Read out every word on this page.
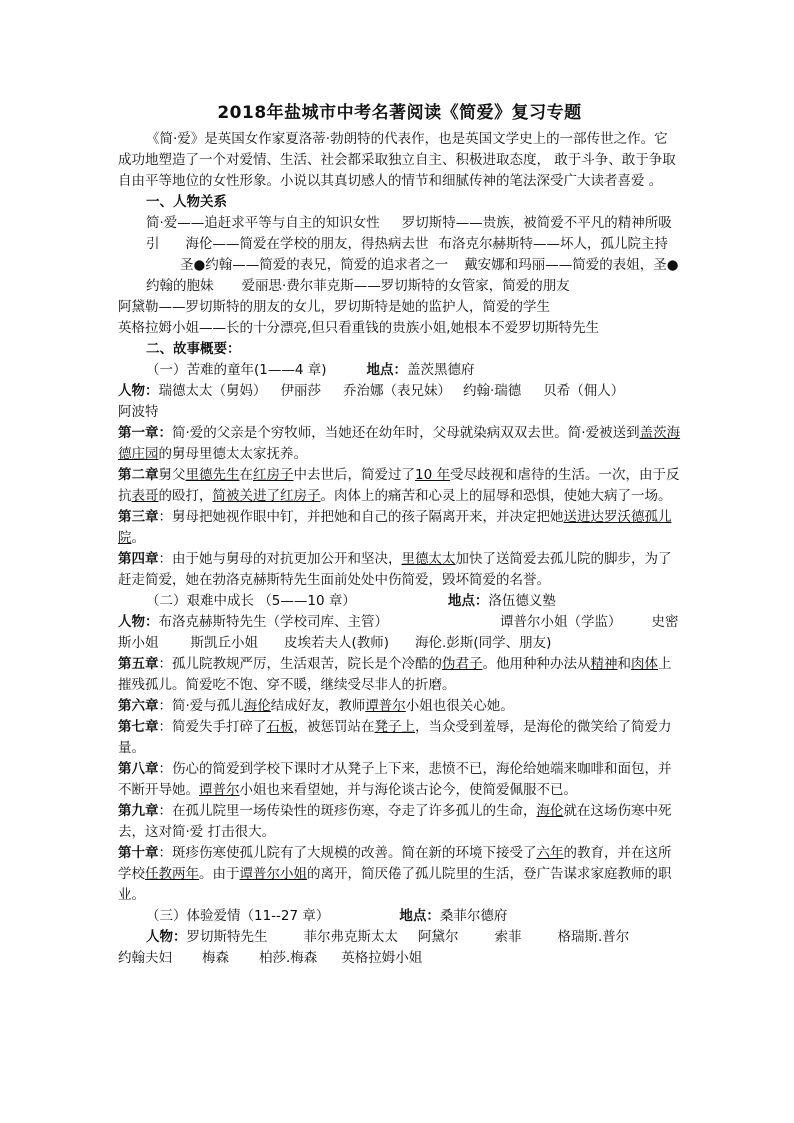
2018年盐城市中考名著阅读《简爱》复习专题

《简·爱》是英国女作家夏洛蒂·勃朗特的代表作，也是英国文学史上的一部传世之作。它成功地塑造了一个对爱情、生活、社会都采取独立自主、积极进取态度， 敢于斗争、敢于争取自由平等地位的女性形象。小说以其真切感人的情节和细腻传神的笔法深受广大读者喜爱 。

一、人物关系

简·爱——追赶求平等与自主的知识女性 罗切斯特——贵族，被简爱不平凡的精神所吸引 海伦——简爱在学校的朋友，得热病去世 布洛克尔赫斯特——坏人，孤儿院主持圣●约翰——简爱的表兄，简爱的追求者之一 戴安娜和玛丽——简爱的表姐，圣●约翰的胞妹 爱丽思·费尔菲克斯——罗切斯特的女管家，简爱的朋友

阿黛勒——罗切斯特的朋友的女儿，罗切斯特是她的监护人，简爱的学生

英格拉姆小姐——长的十分漂亮,但只看重钱的贵族小姐,她根本不爱罗切斯特先生

二、故事概要：

（一）苦难的童年(1——4 章)	地点：盖茨黑德府

人物：瑞德太太（舅妈） 伊丽莎 乔治娜（表兄妹） 约翰·瑞德 贝希（佣人）阿波特

第一章：简·爱的父亲是个穷牧师，当她还在幼年时，父母就染病双双去世。简·爱被送到盖茨海德庄园的舅母里德太太家抚养。

第二章舅父里德先生在红房子中去世后，简爱过了10 年受尽歧视和虐待的生活。一次，由于反抗表哥的殴打，简被关进了红房子。肉体上的痛苦和心灵上的屈辱和恐惧，使她大病了一场。

第三章：舅母把她视作眼中钉，并把她和自己的孩子隔离开来，并决定把她送进达罗沃德孤儿院。

第四章：由于她与舅母的对抗更加公开和坚决，里德太太加快了送简爱去孤儿院的脚步，为了赶走简爱，她在勃洛克赫斯特先生面前处处中伤简爱，毁坏简爱的名誉。

（二）艰难中成长 （5——10 章）	地点：洛伍德义塾

人物：布洛克赫斯特先生（学校司库、主管）	谭普尔小姐（学监） 史密斯小姐 斯凯丘小姐 皮埃若夫人(教师) 海伦.彭斯(同学、朋友)

第五章：孤儿院教规严厉，生活艰苦，院长是个冷酷的伪君子。他用种种办法从精神和肉体上摧残孤儿。简爱吃不饱、穿不暖，继续受尽非人的折磨。

第六章：简·爱与孤儿海伦结成好友，教师谭普尔小姐也很关心她。

第七章：简爱失手打碎了石板，被惩罚站在凳子上，当众受到羞辱，是海伦的微笑给了简爱力量。

第八章：伤心的简爱到学校下课时才从凳子上下来，悲愤不已，海伦给她端来咖啡和面包，并不断开导她。谭普尔小姐也来看望她，并与海伦谈古论今，使简爱佩服不已。

第九章：在孤儿院里一场传染性的斑疹伤寒，夺走了许多孤儿的生命，海伦就在这场伤寒中死去，这对简·爱 打击很大。

第十章：斑疹伤寒使孤儿院有了大规模的改善。简在新的环境下接受了六年的教育，并在这所学校任教两年。由于谭普尔小姐的离开，简厌倦了孤儿院里的生活，登广告谋求家庭教师的职业。

（三）体验爱情（11--27 章）	地点：桑菲尔德府

人物：罗切斯特先生	菲尔弗克斯太太 阿黛尔	索菲	格瑞斯.普尔

约翰夫妇 梅森 柏莎.梅森 英格拉姆小姐
